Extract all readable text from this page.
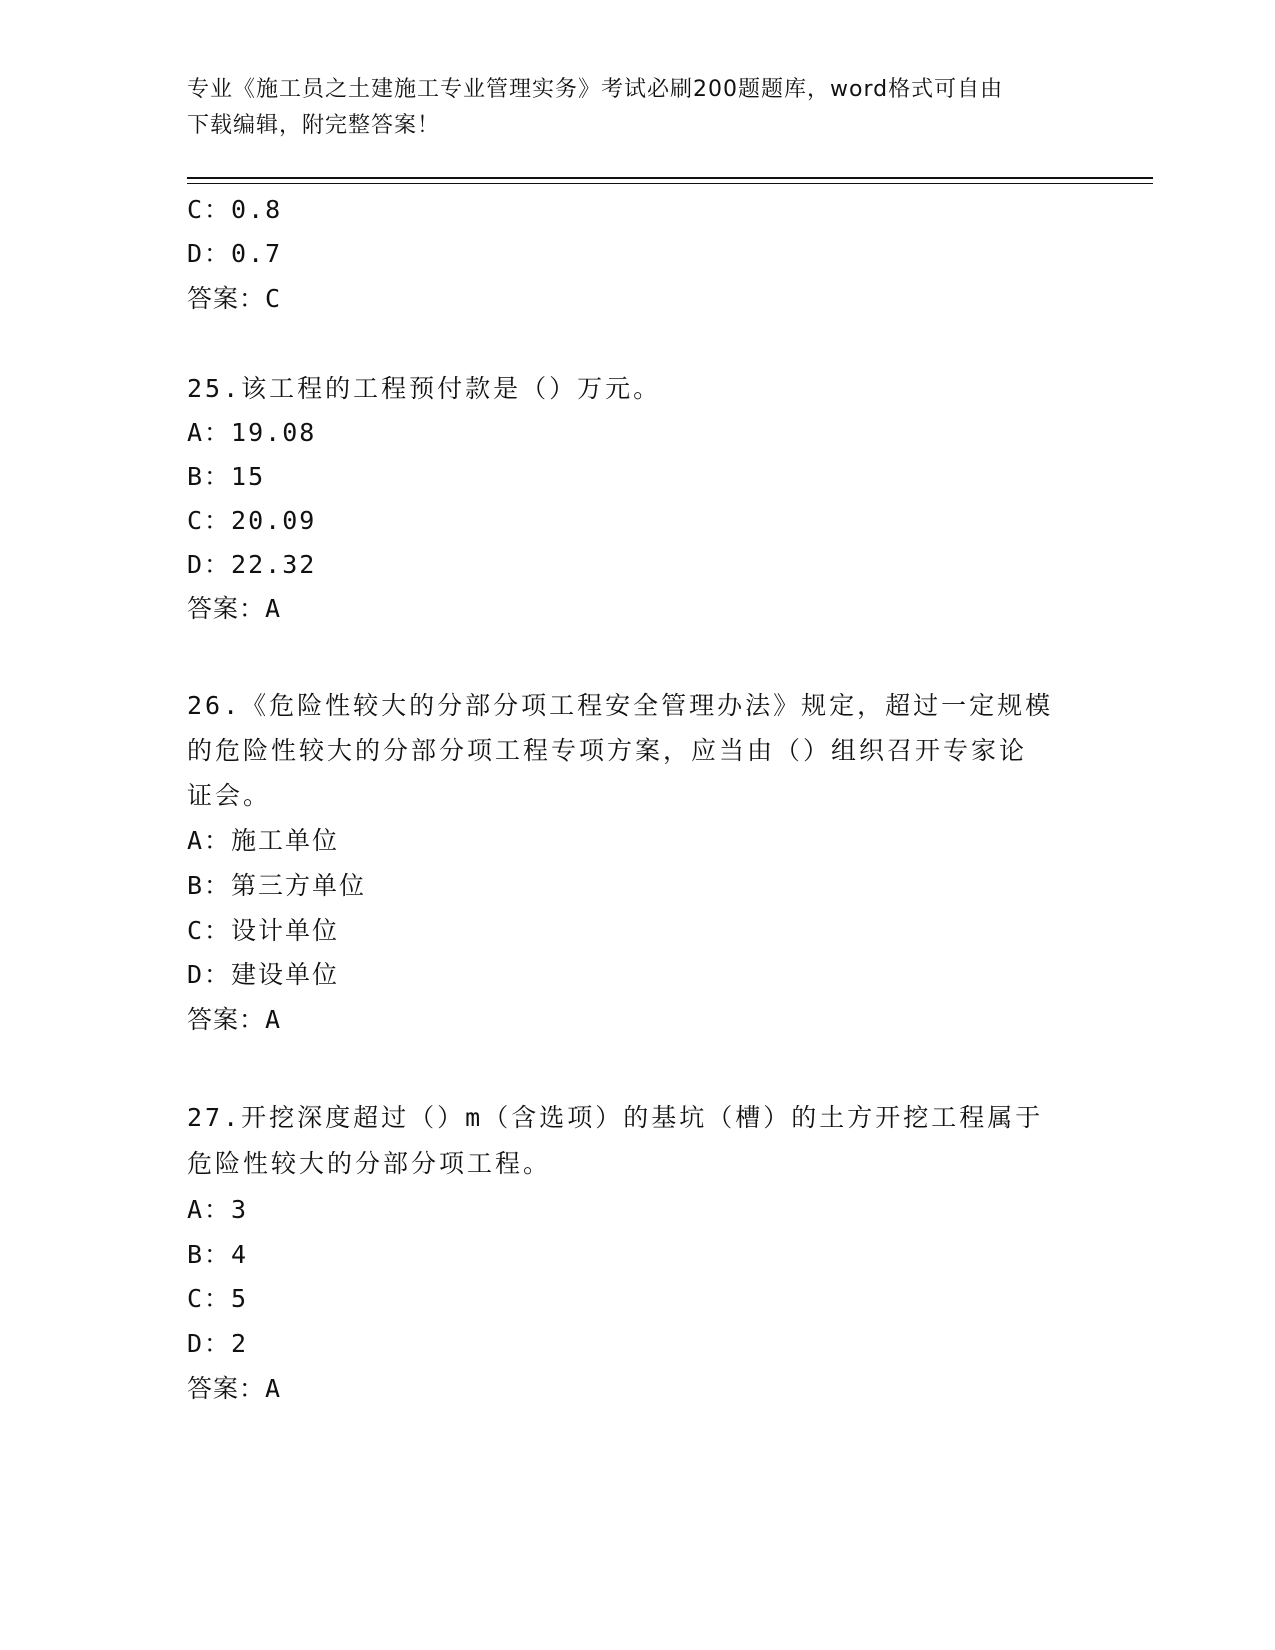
专业《施工员之土建施工专业管理实务》考试必刷200题题库，word格式可自由
下载编辑，附完整答案！
C：0.8
D：0.7
答案：C
25.该工程的工程预付款是（）万元。
A：19.08
B：15
C：20.09
D：22.32
答案：A
26.《危险性较大的分部分项工程安全管理办法》规定，超过一定规模
的危险性较大的分部分项工程专项方案，应当由（）组织召开专家论
证会。
A：施工单位
B：第三方单位
C：设计单位
D：建设单位
答案：A
27.开挖深度超过（）m（含选项）的基坑（槽）的土方开挖工程属于
危险性较大的分部分项工程。
A：3
B：4
C：5
D：2
答案：A
